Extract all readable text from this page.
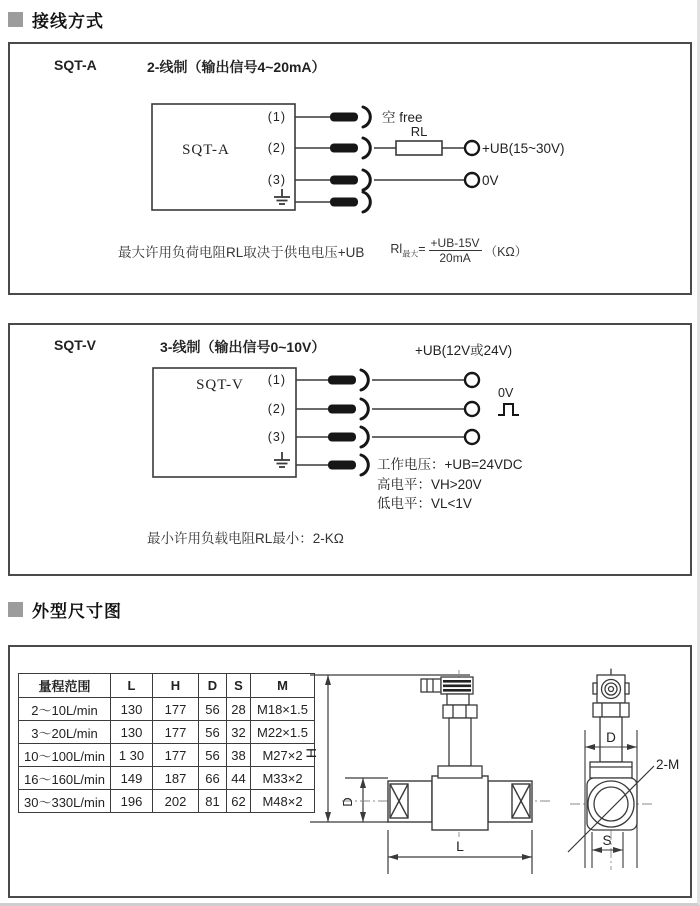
接线方式
SQT-A	2-线制（输出信号4~20mA）
SQT-A
(1)
(2)
(3)
RL
空 free
+UB(15~30V)
0V
最大许用负荷电阻RL取决于供电电压+UB $Rl_{最大}= \frac{+UB-15V}{20mA} (K\Omega)$
SQT-V	3-线制（输出信号0~10V）	+UB(12V或24V)
SQT-V (1)
(2)
(3)
0V
工作电压：+UB=24VDC
高电平：VH>20V
低电平：VL<1V
最小许用负载电阻RL最小：2-KΩ
外型尺寸图
量程范围	L	H	D	S	M
2～10L/min	130	177	56	28	M18×1.5
3～20L/min	130	177	56	32	M22×1.5
10～100L/min	1 30	177	56	38	M27×2
16～160L/min	149	187	66	44	M33×2
30～330L/min	196	202	81	62	M48×2
H
D
L
2-M
D
S
